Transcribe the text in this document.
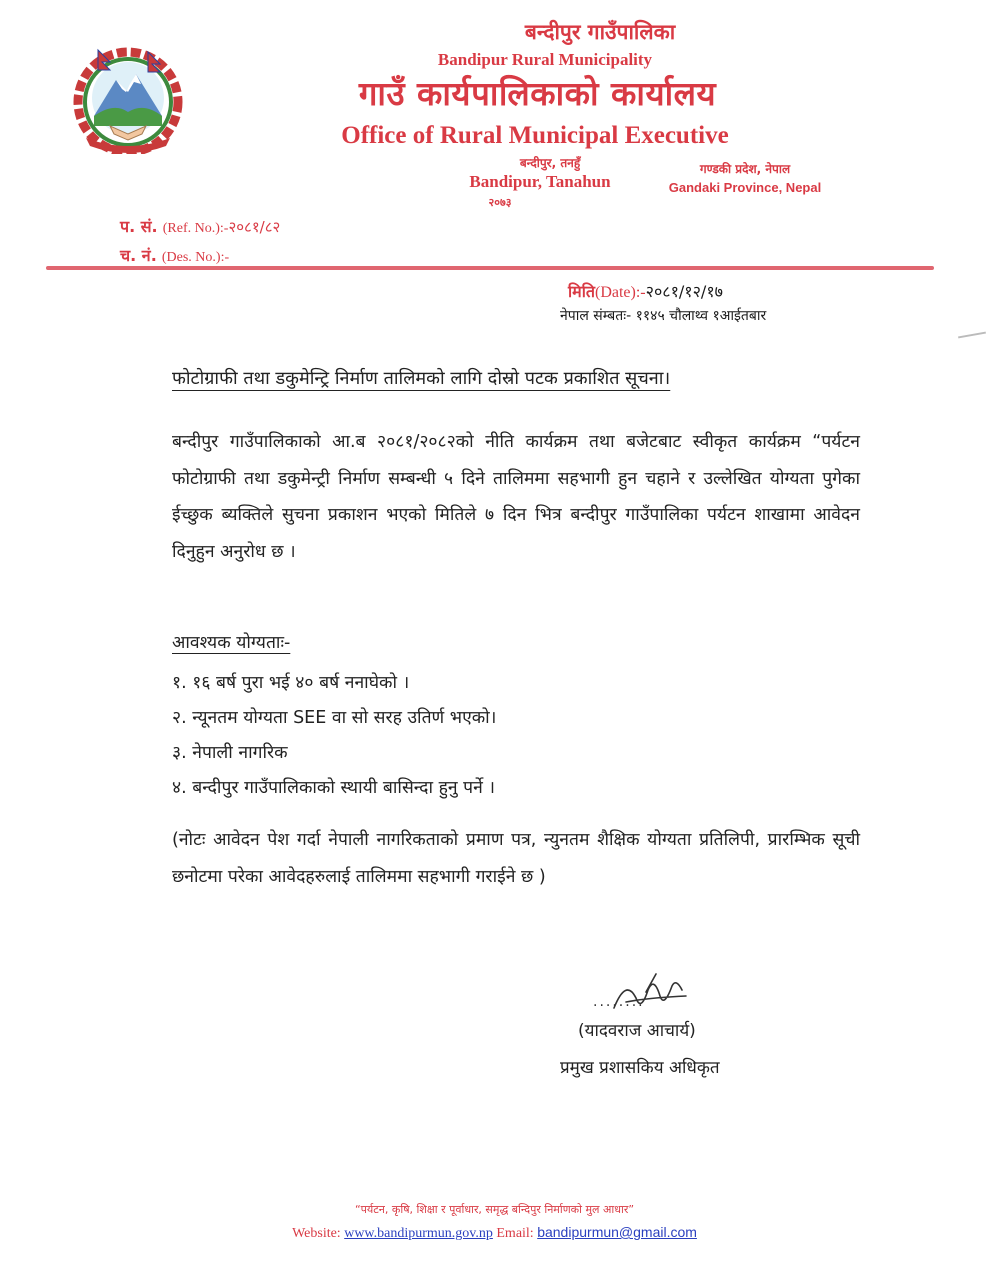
बन्दीपुर गाउँपालिका
Bandipur Rural Municipality
गाउँ कार्यपालिकाको कार्यालय
Office of Rural Municipal Executive
बन्दीपुर, तनहुँ
Bandipur, Tanahun
२०७३
गण्डकी प्रदेश, नेपाल
Gandaki Province, Nepal
प. सं. (Ref. No.):-२०८१/८२
च. नं. (Des. No.):-
मिति(Date):-२०८१/१२/१७
नेपाल संम्बतः- ११४५ चौलाथ्व १आईतबार
फोटोग्राफी तथा डकुमेन्ट्रि निर्माण तालिमको लागि दोस्रो पटक प्रकाशित सूचना।
बन्दीपुर गाउँपालिकाको आ.ब २०८१/२०८२को नीति कार्यक्रम तथा बजेटबाट स्वीकृत कार्यक्रम “पर्यटन फोटोग्राफी तथा डकुमेन्ट्री निर्माण सम्बन्धी ५ दिने तालिममा सहभागी हुन चहाने र उल्लेखित योग्यता पुगेका ईच्छुक ब्यक्तिले सुचना प्रकाशन भएको मितिले ७ दिन भित्र बन्दीपुर गाउँपालिका पर्यटन शाखामा आवेदन दिनुहुन अनुरोध छ ।
आवश्यक योग्यताः-
१. १६ बर्ष पुरा भई ४० बर्ष ननाघेको ।
२. न्यूनतम योग्यता SEE वा सो सरह उतिर्ण भएको।
३. नेपाली नागरिक
४. बन्दीपुर गाउँपालिकाको स्थायी बासिन्दा हुनु पर्ने ।
(नोटः आवेदन पेश गर्दा नेपाली नागरिकताको प्रमाण पत्र, न्युनतम शैक्षिक योग्यता प्रतिलिपी, प्रारम्भिक सूची छनोटमा परेका आवेदहरुलाई तालिममा सहभागी गराईने छ )
........
(यादवराज आचार्य)
प्रमुख प्रशासकिय अधिकृत
“पर्यटन, कृषि, शिक्षा र पूर्वाधार, समृद्ध बन्दिपुर निर्माणको मुल आधार”
Website: www.bandipurmun.gov.np Email: bandipurmun@gmail.com
